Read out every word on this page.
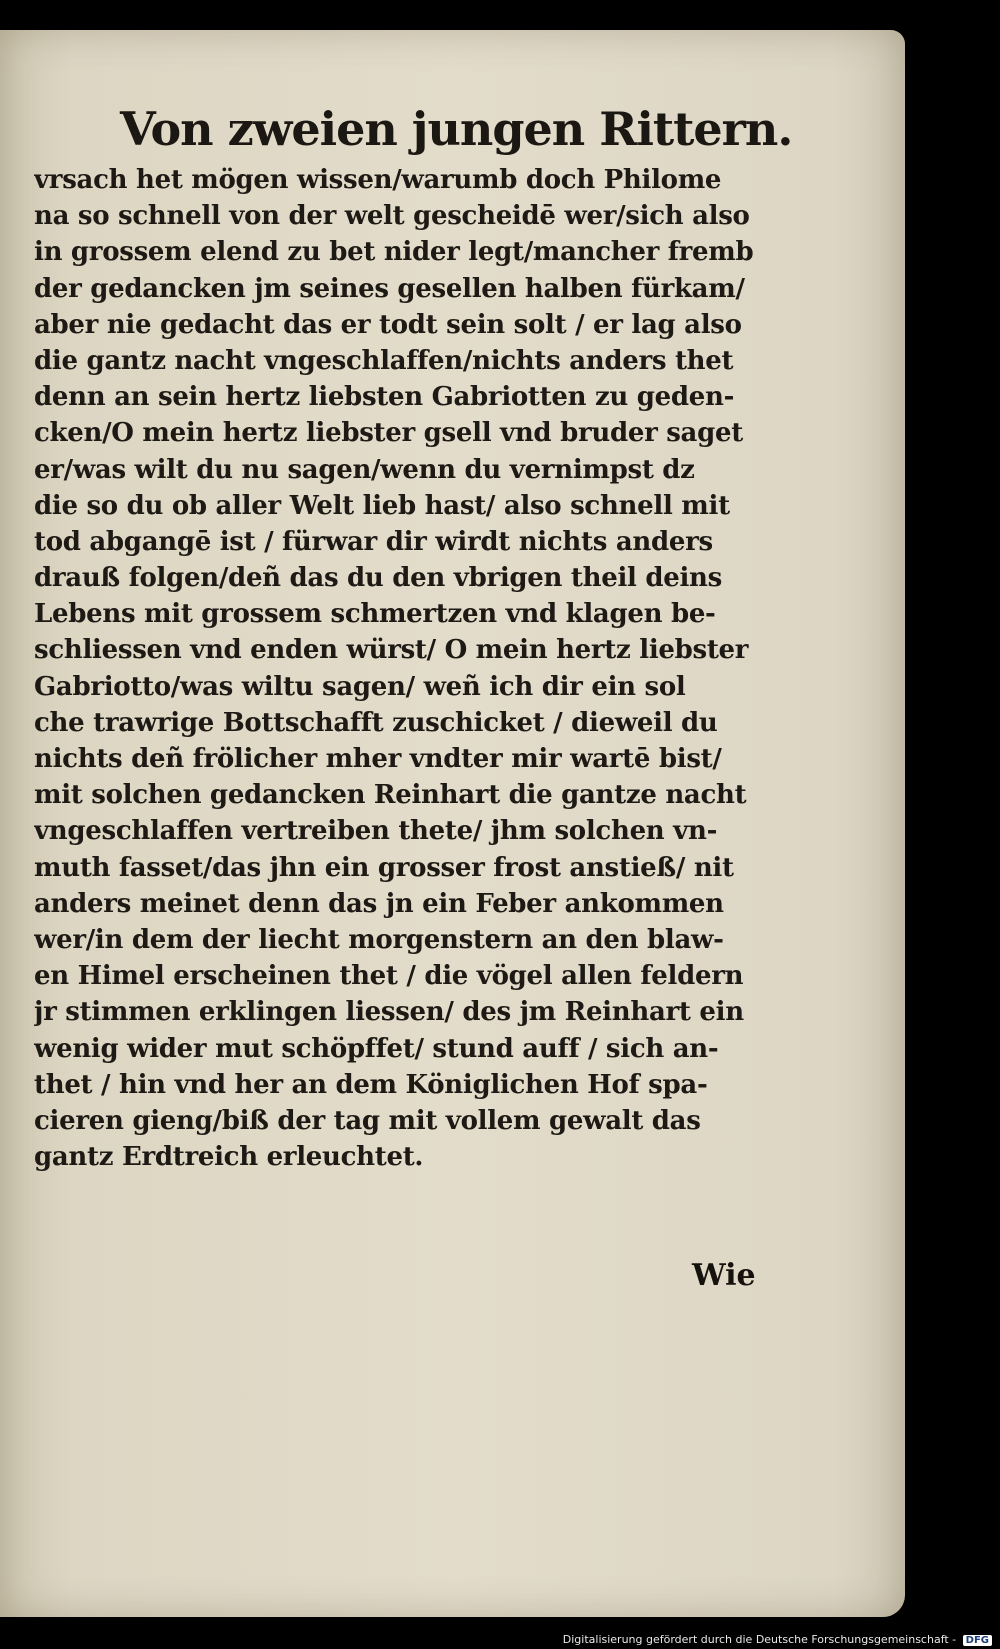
Von zweien jungen Rittern.
vrsach het mögen wissen/warumb doch Philome
na so schnell von der welt gescheidē wer/sich also
in grossem elend zu bet nider legt/mancher fremb
der gedancken jm seines gesellen halben fürkam/
aber nie gedacht das er todt sein solt / er lag also
die gantz nacht vngeschlaffen/nichts anders thet
denn an sein hertz liebsten Gabriotten zu geden-
cken/O mein hertz liebster gsell vnd bruder saget
er/was wilt du nu sagen/wenn du vernimpst dz
die so du ob aller Welt lieb hast/ also schnell mit
tod abgangē ist / fürwar dir wirdt nichts anders
drauß folgen/deñ das du den vbrigen theil deins
Lebens mit grossem schmertzen vnd klagen be-
schliessen vnd enden würst/ O mein hertz liebster
Gabriotto/was wiltu sagen/ weñ ich dir ein sol
che trawrige Bottschafft zuschicket / dieweil du
nichts deñ frölicher mher vndter mir wartē bist/
mit solchen gedancken Reinhart die gantze nacht
vngeschlaffen vertreiben thete/ jhm solchen vn-
muth fasset/das jhn ein grosser frost anstieß/ nit
anders meinet denn das jn ein Feber ankommen
wer/in dem der liecht morgenstern an den blaw-
en Himel erscheinen thet / die vögel allen feldern
jr stimmen erklingen liessen/ des jm Reinhart ein
wenig wider mut schöpffet/ stund auff / sich an-
thet / hin vnd her an dem Königlichen Hof spa-
cieren gieng/biß der tag mit vollem gewalt das
gantz Erdtreich erleuchtet.
Wie
Digitalisierung gefördert durch die Deutsche Forschungsgemeinschaft - DFG
